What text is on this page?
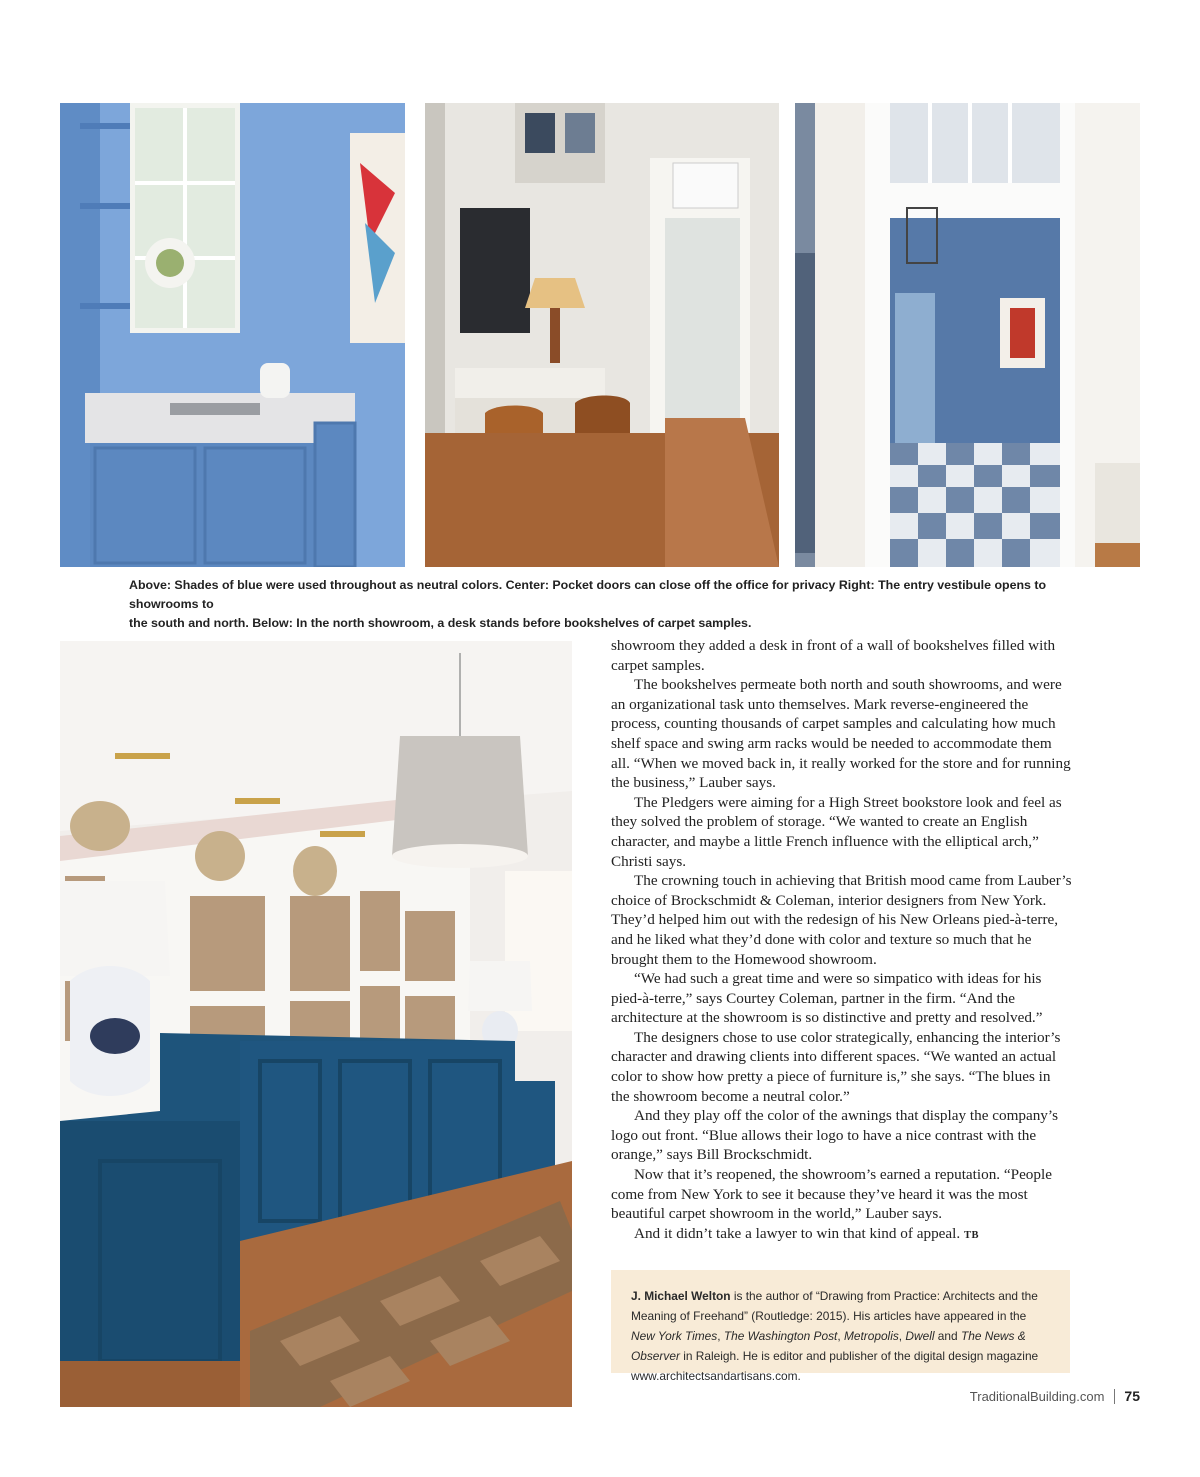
Above: Shades of blue were used throughout as neutral colors. Center: Pocket doors can close off the office for privacy Right: The entry vestibule opens to showrooms to
the south and north. Below: In the north showroom, a desk stands before bookshelves of carpet samples.

showroom they added a desk in front of a wall of bookshelves filled with carpet samples.

The bookshelves permeate both north and south showrooms, and were an organizational task unto themselves. Mark reverse-engineered the process, counting thousands of carpet samples and calculating how much shelf space and swing arm racks would be needed to accommodate them all. “When we moved back in, it really worked for the store and for running the business,” Lauber says.

The Pledgers were aiming for a High Street bookstore look and feel as they solved the problem of storage. “We wanted to create an English character, and maybe a little French influence with the elliptical arch,” Christi says.

The crowning touch in achieving that British mood came from Lauber’s choice of Brockschmidt & Coleman, interior designers from New York. They’d helped him out with the redesign of his New Orleans pied-à-terre, and he liked what they’d done with color and texture so much that he brought them to the Homewood showroom.

“We had such a great time and were so simpatico with ideas for his pied-à-terre,” says Courtey Coleman, partner in the firm. “And the architecture at the showroom is so distinctive and pretty and resolved.”

The designers chose to use color strategically, enhancing the interior’s character and drawing clients into different spaces. “We wanted an actual color to show how pretty a piece of furniture is,” she says. “The blues in the showroom become a neutral color.”

And they play off the color of the awnings that display the company’s logo out front. “Blue allows their logo to have a nice contrast with the orange,” says Bill Brockschmidt.

Now that it’s reopened, the showroom’s earned a reputation. “People come from New York to see it because they’ve heard it was the most beautiful carpet showroom in the world,” Lauber says.

And it didn’t take a lawyer to win that kind of appeal. TB

J. Michael Welton is the author of “Drawing from Practice: Architects and the
Meaning of Freehand” (Routledge: 2015). His articles have appeared in the
New York Times, The Washington Post, Metropolis, Dwell and The News &
Observer in Raleigh. He is editor and publisher of the digital design magazine
www.architectsandartisans.com.
TraditionalBuilding.com 75
